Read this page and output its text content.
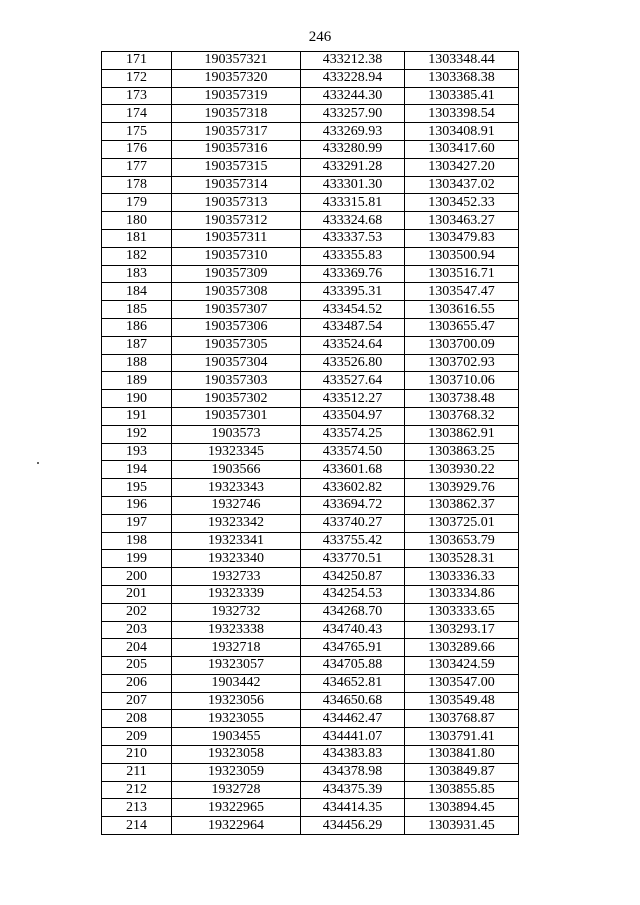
246
171	190357321	433212.38	1303348.44
172	190357320	433228.94	1303368.38
173	190357319	433244.30	1303385.41
174	190357318	433257.90	1303398.54
175	190357317	433269.93	1303408.91
176	190357316	433280.99	1303417.60
177	190357315	433291.28	1303427.20
178	190357314	433301.30	1303437.02
179	190357313	433315.81	1303452.33
180	190357312	433324.68	1303463.27
181	190357311	433337.53	1303479.83
182	190357310	433355.83	1303500.94
183	190357309	433369.76	1303516.71
184	190357308	433395.31	1303547.47
185	190357307	433454.52	1303616.55
186	190357306	433487.54	1303655.47
187	190357305	433524.64	1303700.09
188	190357304	433526.80	1303702.93
189	190357303	433527.64	1303710.06
190	190357302	433512.27	1303738.48
191	190357301	433504.97	1303768.32
192	1903573	433574.25	1303862.91
193	19323345	433574.50	1303863.25
194	1903566	433601.68	1303930.22
195	19323343	433602.82	1303929.76
196	1932746	433694.72	1303862.37
197	19323342	433740.27	1303725.01
198	19323341	433755.42	1303653.79
199	19323340	433770.51	1303528.31
200	1932733	434250.87	1303336.33
201	19323339	434254.53	1303334.86
202	1932732	434268.70	1303333.65
203	19323338	434740.43	1303293.17
204	1932718	434765.91	1303289.66
205	19323057	434705.88	1303424.59
206	1903442	434652.81	1303547.00
207	19323056	434650.68	1303549.48
208	19323055	434462.47	1303768.87
209	1903455	434441.07	1303791.41
210	19323058	434383.83	1303841.80
211	19323059	434378.98	1303849.87
212	1932728	434375.39	1303855.85
213	19322965	434414.35	1303894.45
214	19322964	434456.29	1303931.45
